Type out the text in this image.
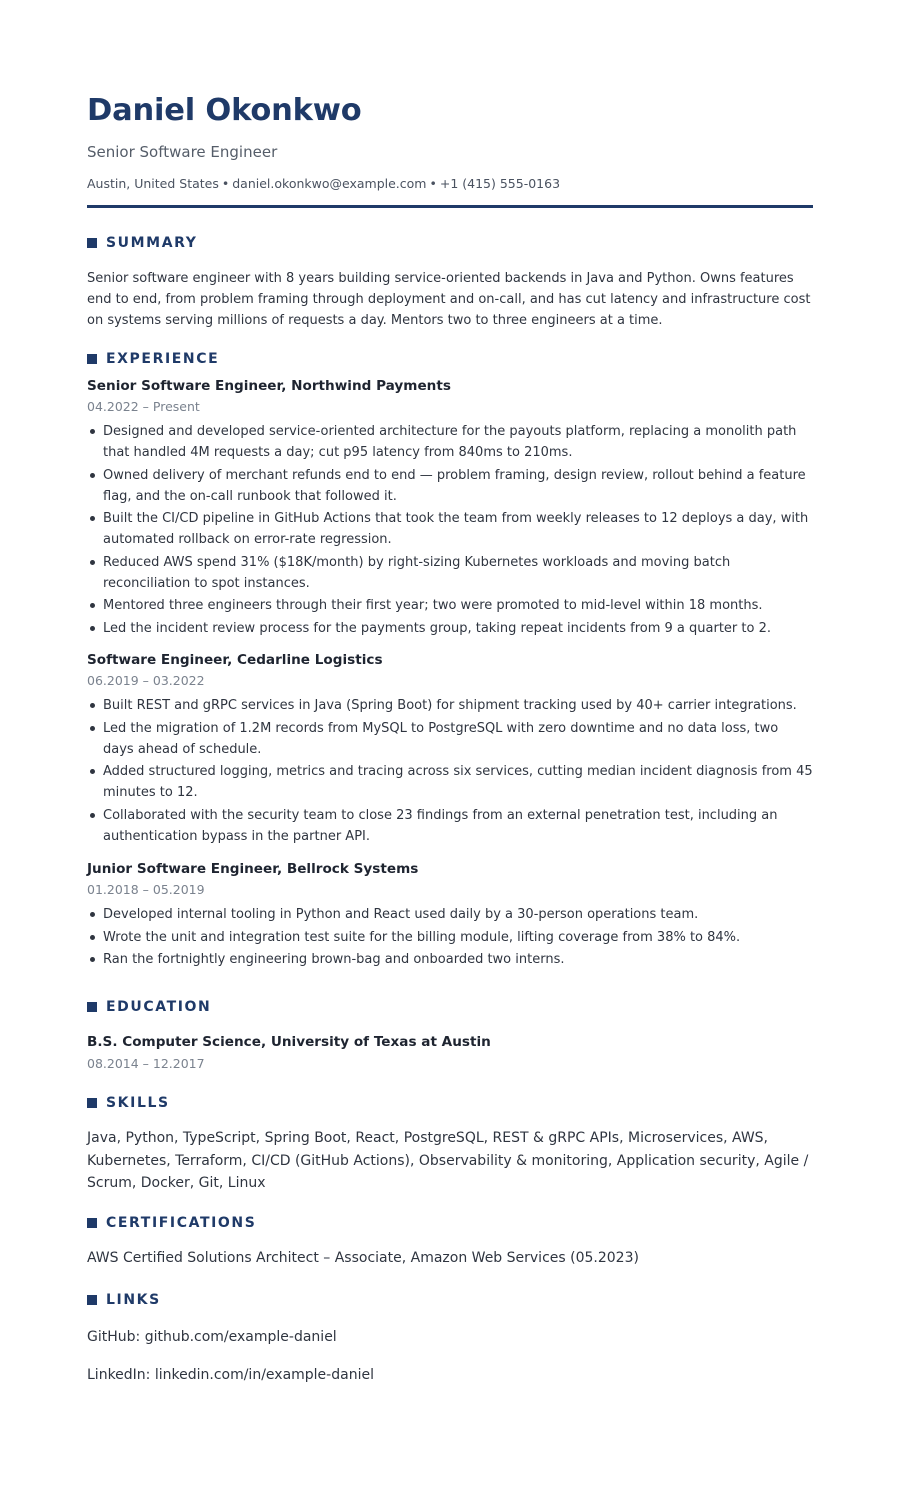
Daniel Okonkwo
Senior Software Engineer
Austin, United States • daniel.okonkwo@example.com • +1 (415) 555-0163
SUMMARY
Senior software engineer with 8 years building service-oriented backends in Java and Python. Owns features end to end, from problem framing through deployment and on-call, and has cut latency and infrastructure cost on systems serving millions of requests a day. Mentors two to three engineers at a time.
EXPERIENCE
Senior Software Engineer, Northwind Payments
04.2022 – Present
Designed and developed service-oriented architecture for the payouts platform, replacing a monolith path that handled 4M requests a day; cut p95 latency from 840ms to 210ms.
Owned delivery of merchant refunds end to end — problem framing, design review, rollout behind a feature flag, and the on-call runbook that followed it.
Built the CI/CD pipeline in GitHub Actions that took the team from weekly releases to 12 deploys a day, with automated rollback on error-rate regression.
Reduced AWS spend 31% ($18K/month) by right-sizing Kubernetes workloads and moving batch reconciliation to spot instances.
Mentored three engineers through their first year; two were promoted to mid-level within 18 months.
Led the incident review process for the payments group, taking repeat incidents from 9 a quarter to 2.
Software Engineer, Cedarline Logistics
06.2019 – 03.2022
Built REST and gRPC services in Java (Spring Boot) for shipment tracking used by 40+ carrier integrations.
Led the migration of 1.2M records from MySQL to PostgreSQL with zero downtime and no data loss, two days ahead of schedule.
Added structured logging, metrics and tracing across six services, cutting median incident diagnosis from 45 minutes to 12.
Collaborated with the security team to close 23 findings from an external penetration test, including an authentication bypass in the partner API.
Junior Software Engineer, Bellrock Systems
01.2018 – 05.2019
Developed internal tooling in Python and React used daily by a 30-person operations team.
Wrote the unit and integration test suite for the billing module, lifting coverage from 38% to 84%.
Ran the fortnightly engineering brown-bag and onboarded two interns.
EDUCATION
B.S. Computer Science, University of Texas at Austin
08.2014 – 12.2017
SKILLS
Java, Python, TypeScript, Spring Boot, React, PostgreSQL, REST & gRPC APIs, Microservices, AWS, Kubernetes, Terraform, CI/CD (GitHub Actions), Observability & monitoring, Application security, Agile / Scrum, Docker, Git, Linux
CERTIFICATIONS
AWS Certified Solutions Architect – Associate, Amazon Web Services (05.2023)
LINKS
GitHub: github.com/example-daniel
LinkedIn: linkedin.com/in/example-daniel
